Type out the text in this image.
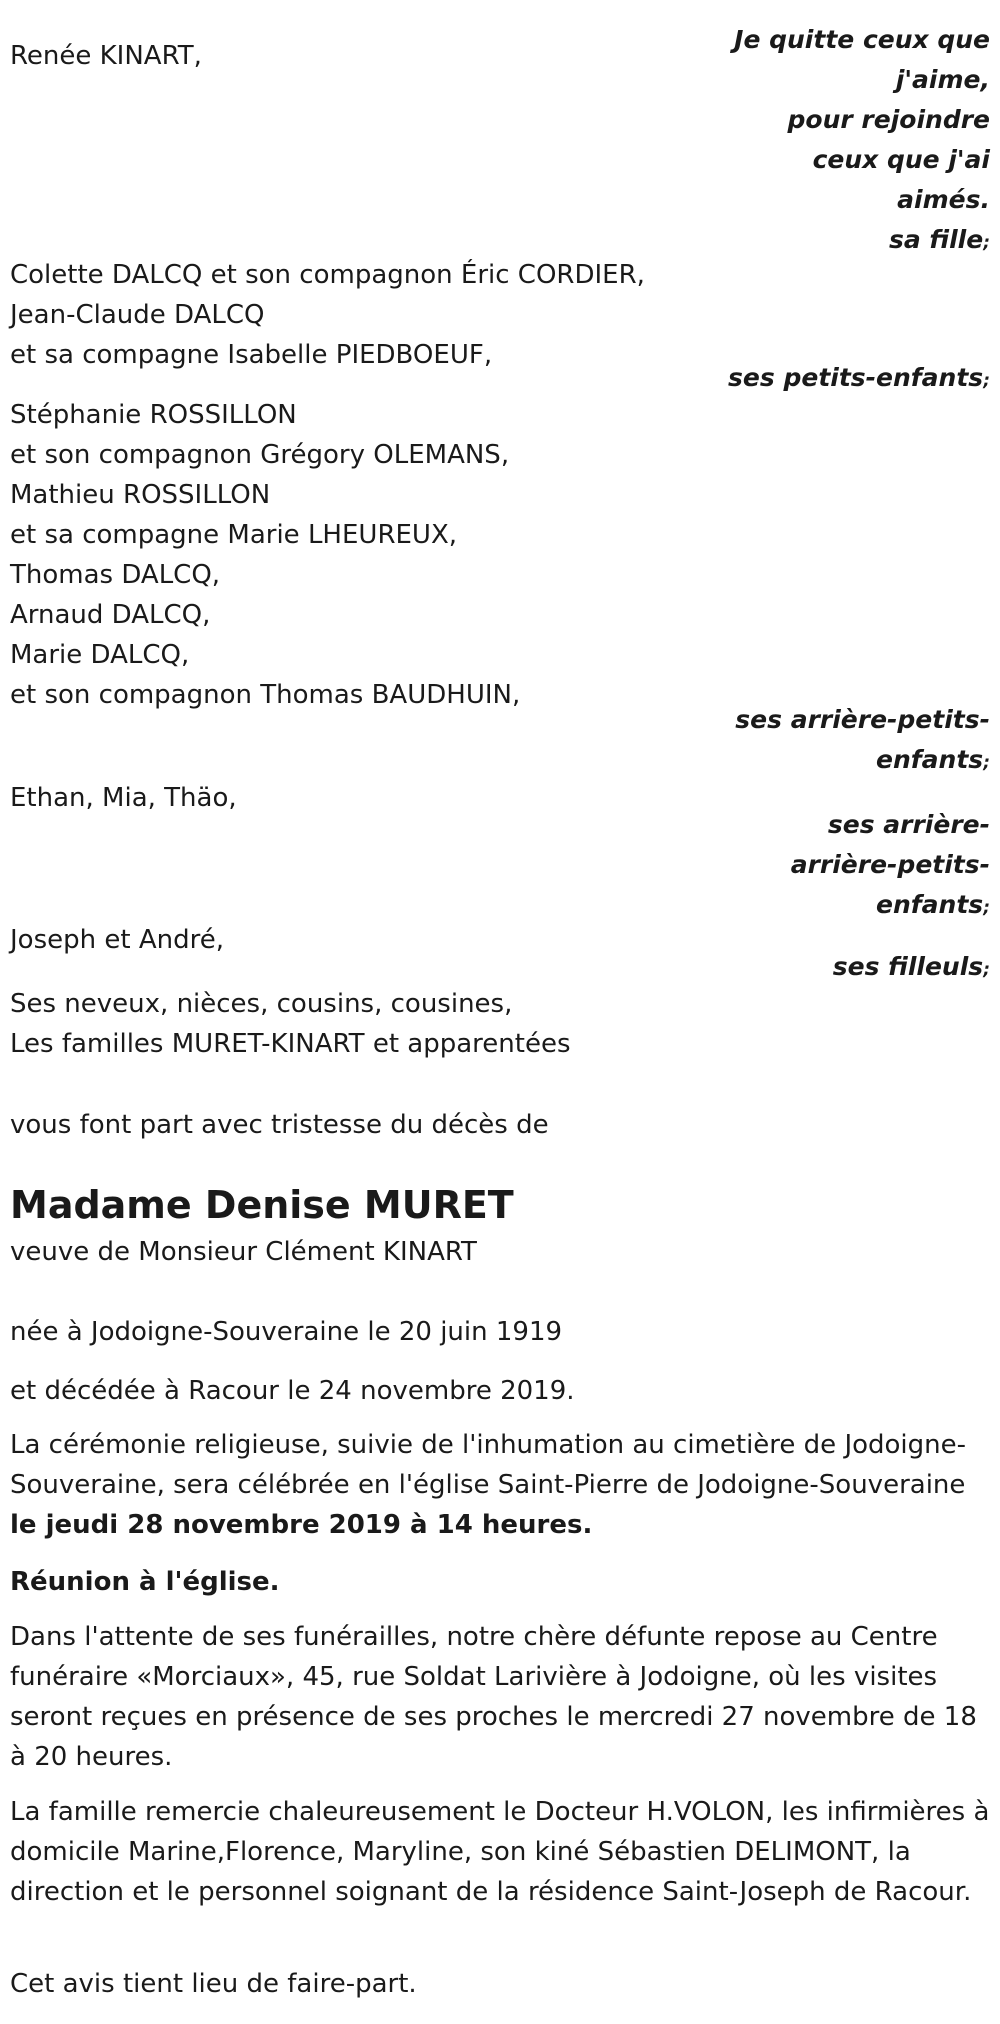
Renée KINART,
Je quitte ceux que
j'aime,
pour rejoindre
ceux que j'ai
aimés.
sa fille;
Colette DALCQ et son compagnon Éric CORDIER,
Jean-Claude DALCQ
et sa compagne Isabelle PIEDBOEUF,
ses petits-enfants;
Stéphanie ROSSILLON
et son compagnon Grégory OLEMANS,
Mathieu ROSSILLON
et sa compagne Marie LHEUREUX,
Thomas DALCQ,
Arnaud DALCQ,
Marie DALCQ,
et son compagnon Thomas BAUDHUIN,
ses arrière-petits-
enfants;
Ethan, Mia, Thäo,
ses arrière-
arrière-petits-
enfants;
Joseph et André,
ses filleuls;
Ses neveux, nièces, cousins, cousines,
Les familles MURET-KINART et apparentées
vous font part avec tristesse du décès de
Madame Denise MURET
veuve de Monsieur Clément KINART
née à Jodoigne-Souveraine le 20 juin 1919
et décédée à Racour le 24 novembre 2019.
La cérémonie religieuse, suivie de l'inhumation au cimetière de Jodoigne-Souveraine, sera célébrée en l'église Saint-Pierre de Jodoigne-Souveraine
le jeudi 28 novembre 2019 à 14 heures.
Réunion à l'église.
Dans l'attente de ses funérailles, notre chère défunte repose au Centre funéraire «Morciaux», 45, rue Soldat Larivière à Jodoigne, où les visites seront reçues en présence de ses proches le mercredi 27 novembre de 18 à 20 heures.
La famille remercie chaleureusement le Docteur H.VOLON, les infirmières à domicile Marine,Florence, Maryline, son kiné Sébastien DELIMONT, la direction et le personnel soignant de la résidence Saint-Joseph de Racour.
Cet avis tient lieu de faire-part.
